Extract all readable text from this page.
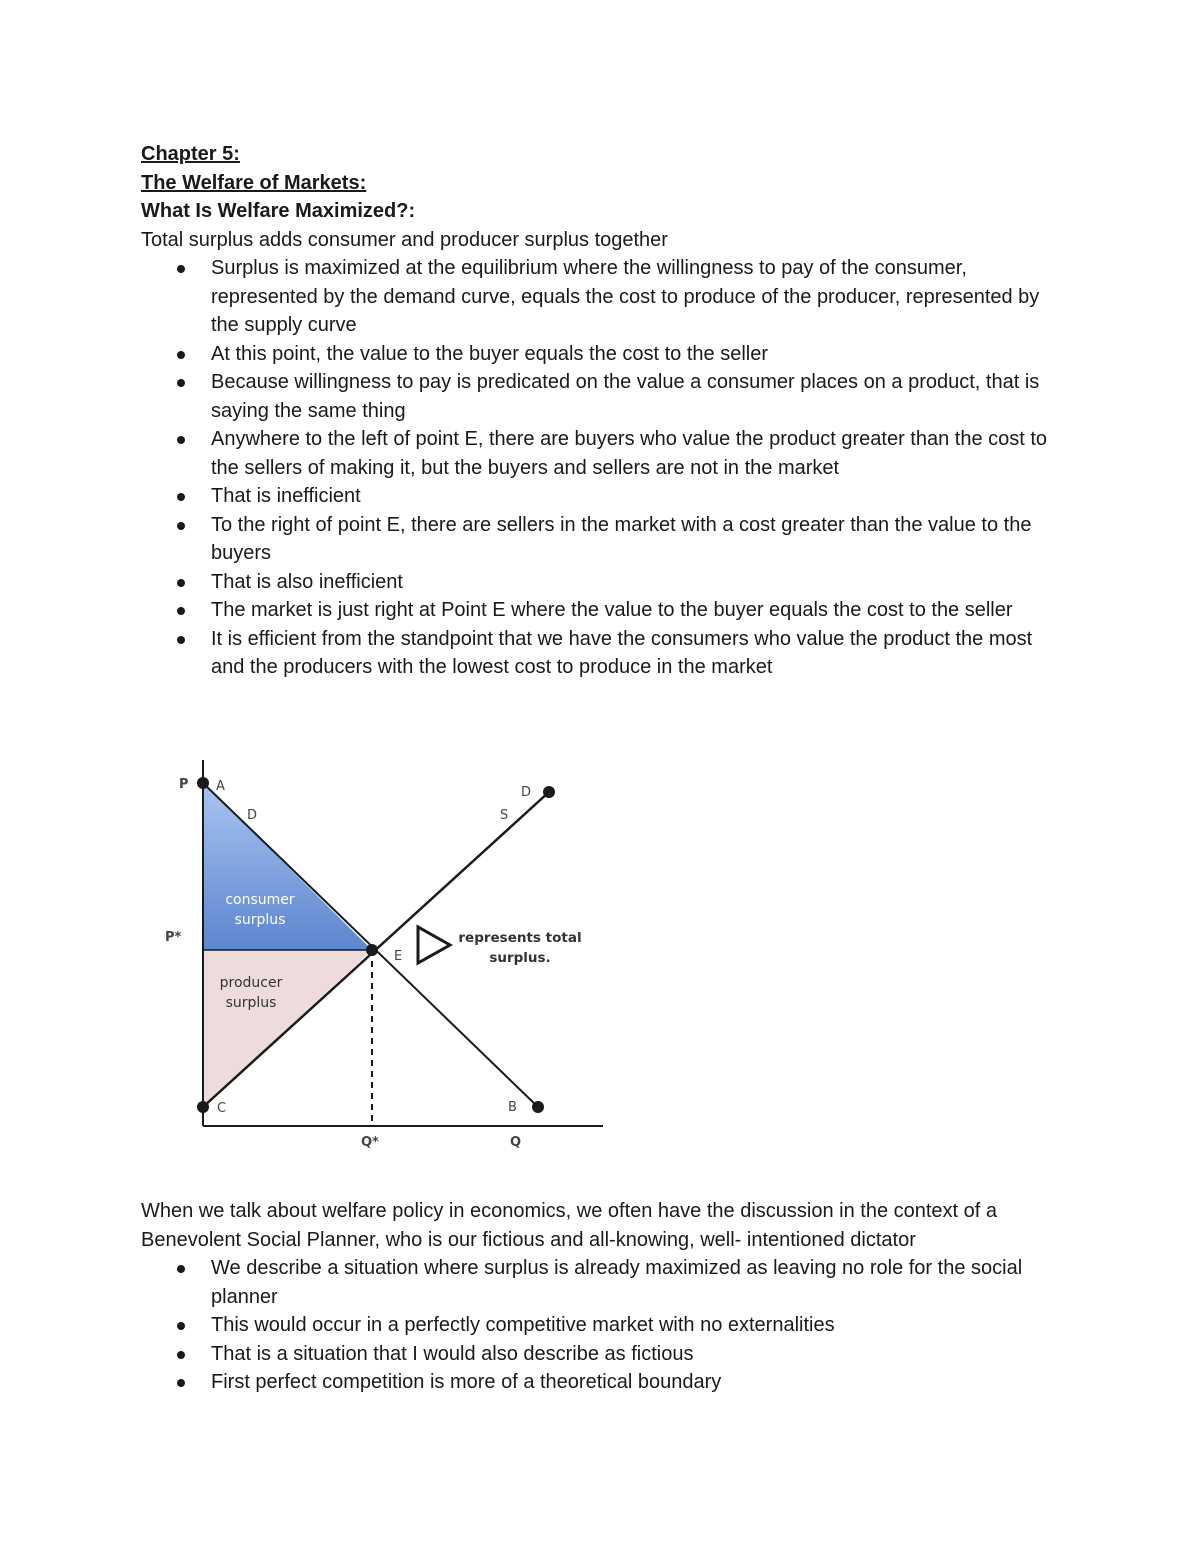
Chapter 5:

The Welfare of Markets:

What Is Welfare Maximized?:

Total surplus adds consumer and producer surplus together

Surplus is maximized at the equilibrium where the willingness to pay of the consumer, represented by the demand curve, equals the cost to produce of the producer, represented by the supply curve
At this point, the value to the buyer equals the cost to the seller
Because willingness to pay is predicated on the value a consumer places on a product, that is saying the same thing
Anywhere to the left of point E, there are buyers who value the product greater than the cost to the sellers of making it, but the buyers and sellers are not in the market
That is inefficient
To the right of point E, there are sellers in the market with a cost greater than the value to the buyers
That is also inefficient
The market is just right at Point E where the value to the buyer equals the cost to the seller
It is efficient from the standpoint that we have the consumers who value the product the most and the producers with the lowest cost to produce in the market
P A
D
D
S
P*
E
C	B
Q*	Q
consumer
surplus
producer
surplus
represents total
surplus.

When we talk about welfare policy in economics, we often have the discussion in the context of a Benevolent Social Planner, who is our fictious and all-knowing, well- intentioned dictator

We describe a situation where surplus is already maximized as leaving no role for the social planner
This would occur in a perfectly competitive market with no externalities
That is a situation that I would also describe as fictious
First perfect competition is more of a theoretical boundary
